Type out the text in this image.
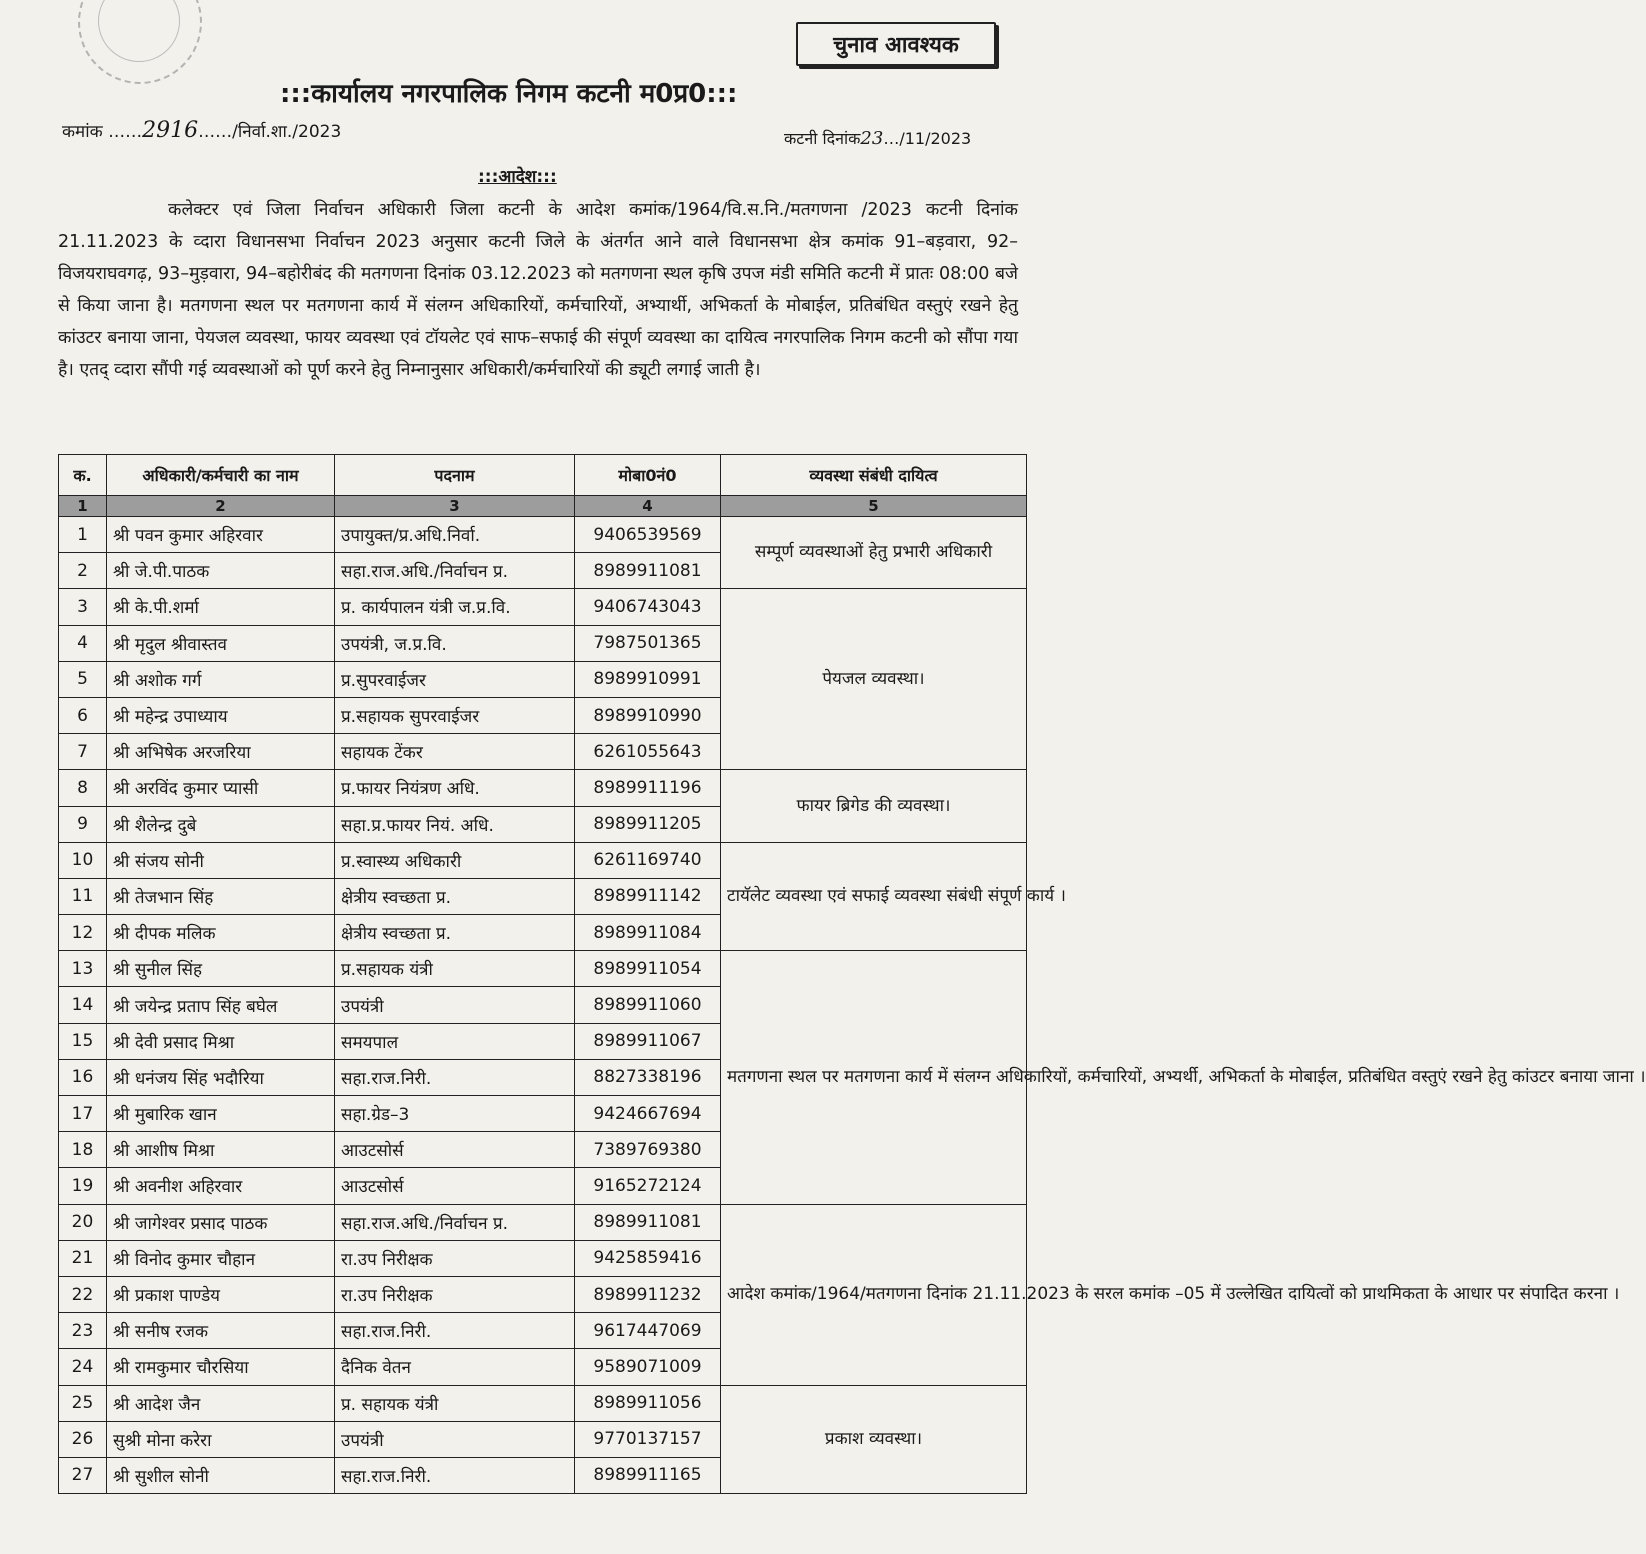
चुनाव आवश्यक
:::कार्यालय नगरपालिक निगम कटनी म0प्र0:::
कमांक ……2916……/निर्वा.शा./2023	कटनी दिनांक23…/11/2023
:::आदेश:::
कलेक्टर एवं जिला निर्वाचन अधिकारी जिला कटनी के आदेश कमांक/1964/वि.स.नि./मतगणना /2023 कटनी दिनांक 21.11.2023 के व्दारा विधानसभा निर्वाचन 2023 अनुसार कटनी जिले के अंतर्गत आने वाले विधानसभा क्षेत्र कमांक 91–बड़वारा, 92–विजयराघवगढ़, 93–मुड़वारा, 94–बहोरीबंद की मतगणना दिनांक 03.12.2023 को मतगणना स्थल कृषि उपज मंडी समिति कटनी में प्रातः 08:00 बजे से किया जाना है। मतगणना स्थल पर मतगणना कार्य में संलग्न अधिकारियों, कर्मचारियों, अभ्यार्थी, अभिकर्ता के मोबाईल, प्रतिबंधित वस्तुएं रखने हेतु कांउटर बनाया जाना, पेयजल व्यवस्था, फायर व्यवस्था एवं टॉयलेट एवं साफ–सफाई की संपूर्ण व्यवस्था का दायित्व नगरपालिक निगम कटनी को सौंपा गया है। एतद् व्दारा सौंपी गई व्यवस्थाओं को पूर्ण करने हेतु निम्नानुसार अधिकारी/कर्मचारियों की ड्यूटी लगाई जाती है।
क.	अधिकारी/कर्मचारी का नाम	पदनाम	मोबा0नं0	व्यवस्था संबंधी दायित्व
1	2	3	4	5
1	श्री पवन कुमार अहिरवार	उपायुक्त/प्र.अधि.निर्वा.	9406539569	सम्पूर्ण व्यवस्थाओं हेतु प्रभारी अधिकारी
2	श्री जे.पी.पाठक	सहा.राज.अधि./निर्वाचन प्र.	8989911081	
3	श्री के.पी.शर्मा	प्र. कार्यपालन यंत्री ज.प्र.वि.	9406743043	पेयजल व्यवस्था।
4	श्री मृदुल श्रीवास्तव	उपयंत्री, ज.प्र.वि.	7987501365	
5	श्री अशोक गर्ग	प्र.सुपरवाईजर	8989910991	
6	श्री महेन्द्र उपाध्याय	प्र.सहायक सुपरवाईजर	8989910990	
7	श्री अभिषेक अरजरिया	सहायक टेंकर	6261055643	
8	श्री अरविंद कुमार प्यासी	प्र.फायर नियंत्रण अधि.	8989911196	फायर ब्रिगेड की व्यवस्था।
9	श्री शैलेन्द्र दुबे	सहा.प्र.फायर नियं. अधि.	8989911205	
10	श्री संजय सोनी	प्र.स्वास्थ्य अधिकारी	6261169740	टायॅलेट व्यवस्था एवं सफाई व्यवस्था संबंधी संपूर्ण कार्य ।
11	श्री तेजभान सिंह	क्षेत्रीय स्वच्छता प्र.	8989911142	
12	श्री दीपक मलिक	क्षेत्रीय स्वच्छता प्र.	8989911084	
13	श्री सुनील सिंह	प्र.सहायक यंत्री	8989911054	मतगणना स्थल पर मतगणना कार्य में संलग्न अधिकारियों, कर्मचारियों, अभ्यर्थी, अभिकर्ता के मोबाईल, प्रतिबंधित वस्तुएं रखने हेतु कांउटर बनाया जाना ।
14	श्री जयेन्द्र प्रताप सिंह बघेल	उपयंत्री	8989911060	
15	श्री देवी प्रसाद मिश्रा	समयपाल	8989911067	
16	श्री धनंजय सिंह भदौरिया	सहा.राज.निरी.	8827338196	
17	श्री मुबारिक खान	सहा.ग्रेड–3	9424667694	
18	श्री आशीष मिश्रा	आउटसोर्स	7389769380	
19	श्री अवनीश अहिरवार	आउटसोर्स	9165272124	
20	श्री जागेश्वर प्रसाद पाठक	सहा.राज.अधि./निर्वाचन प्र.	8989911081	आदेश कमांक/1964/मतगणना दिनांक 21.11.2023 के सरल कमांक –05 में उल्लेखित दायित्वों को प्राथमिकता के आधार पर संपादित करना ।
21	श्री विनोद कुमार चौहान	रा.उप निरीक्षक	9425859416	
22	श्री प्रकाश पाण्डेय	रा.उप निरीक्षक	8989911232	
23	श्री सनीष रजक	सहा.राज.निरी.	9617447069	
24	श्री रामकुमार चौरसिया	दैनिक वेतन	9589071009	
25	श्री आदेश जैन	प्र. सहायक यंत्री	8989911056	प्रकाश व्यवस्था।
26	सुश्री मोना करेरा	उपयंत्री	9770137157	
27	श्री सुशील सोनी	सहा.राज.निरी.	8989911165	
